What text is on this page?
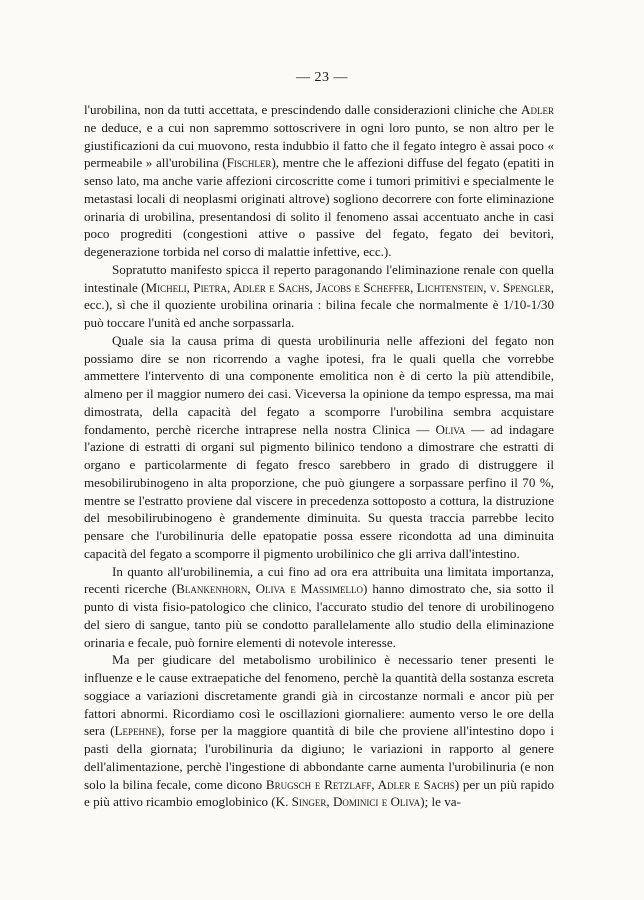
— 23 —

l'urobilina, non da tutti accettata, e prescindendo dalle considerazioni cliniche che Adler ne deduce, e a cui non sapremmo sottoscrivere in ogni loro punto, se non altro per le giustificazioni da cui muovono, resta indubbio il fatto che il fegato integro è assai poco « permeabile » all'urobilina (Fischler), mentre che le affezioni diffuse del fegato (epatiti in senso lato, ma anche varie affezioni circoscritte come i tumori primitivi e specialmente le metastasi locali di neoplasmi originati altrove) sogliono decorrere con forte eliminazione orinaria di urobilina, presentandosi di solito il fenomeno assai accentuato anche in casi poco progrediti (congestioni attive o passive del fegato, fegato dei bevitori, degenerazione torbida nel corso di malattie infettive, ecc.).

Sopratutto manifesto spicca il reperto paragonando l'eliminazione renale con quella intestinale (Micheli, Pietra, Adler e Sachs, Jacobs e Scheffer, Lichtenstein, v. Spengler, ecc.), sì che il quoziente urobilina orinaria : bilina fecale che normalmente è 1/10-1/30 può toccare l'unità ed anche sorpassarla.

Quale sia la causa prima di questa urobilinuria nelle affezioni del fegato non possiamo dire se non ricorrendo a vaghe ipotesi, fra le quali quella che vorrebbe ammettere l'intervento di una componente emolitica non è di certo la più attendibile, almeno per il maggior numero dei casi. Viceversa la opinione da tempo espressa, ma mai dimostrata, della capacità del fegato a scomporre l'urobilina sembra acquistare fondamento, perchè ricerche intraprese nella nostra Clinica — Oliva — ad indagare l'azione di estratti di organi sul pigmento bilinico tendono a dimostrare che estratti di organo e particolarmente di fegato fresco sarebbero in grado di distruggere il mesobilirubinogeno in alta proporzione, che può giungere a sorpassare perfino il 70 %, mentre se l'estratto proviene dal viscere in precedenza sottoposto a cottura, la distruzione del mesobilirubinogeno è grandemente diminuita. Su questa traccia parrebbe lecito pensare che l'urobilinuria delle epatopatie possa essere ricondotta ad una diminuita capacità del fegato a scomporre il pigmento urobilinico che gli arriva dall'intestino.

In quanto all'urobilinemia, a cui fino ad ora era attribuita una limitata importanza, recenti ricerche (Blankenhorn, Oliva e Massimello) hanno dimostrato che, sia sotto il punto di vista fisio-patologico che clinico, l'accurato studio del tenore di urobilinogeno del siero di sangue, tanto più se condotto parallelamente allo studio della eliminazione orinaria e fecale, può fornire elementi di notevole interesse.

Ma per giudicare del metabolismo urobilinico è necessario tener presenti le influenze e le cause extraepatiche del fenomeno, perchè la quantità della sostanza escreta soggiace a variazioni discretamente grandi già in circostanze normali e ancor più per fattori abnormi. Ricordiamo così le oscillazioni giornaliere: aumento verso le ore della sera (Lepehne), forse per la maggiore quantità di bile che proviene all'intestino dopo i pasti della giornata; l'urobilinuria da digiuno; le variazioni in rapporto al genere dell'alimentazione, perchè l'ingestione di abbondante carne aumenta l'urobilinuria (e non solo la bilina fecale, come dicono Brugsch e Retzlaff, Adler e Sachs) per un più rapido e più attivo ricambio emoglobinico (K. Singer, Dominici e Oliva); le va-
